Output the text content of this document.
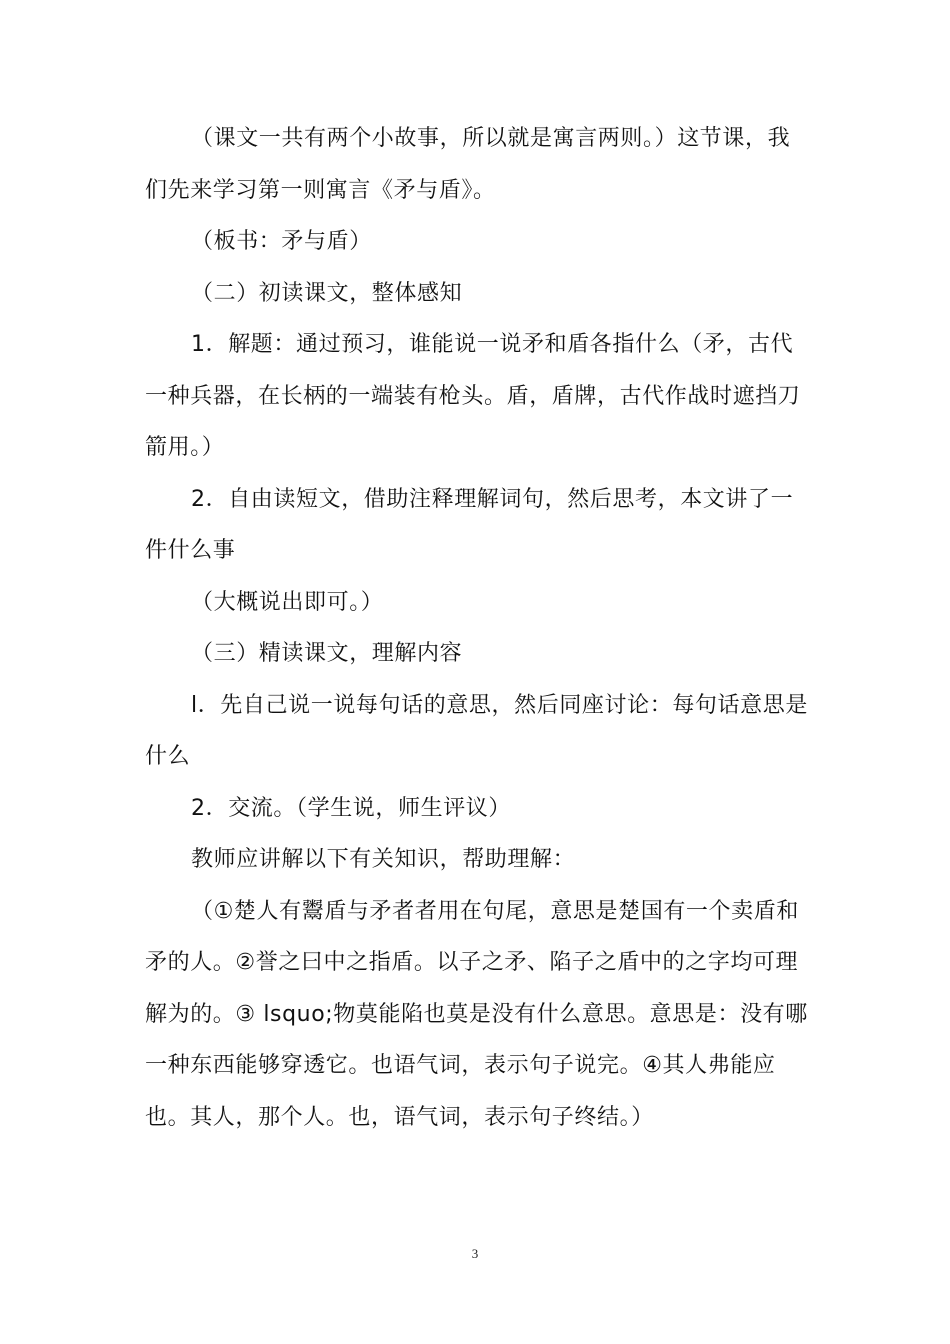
（课文一共有两个小故事，所以就是寓言两则。）这节课，我们先来学习第一则寓言《矛与盾》。

（板书：矛与盾）

（二）初读课文，整体感知

1．解题：通过预习，谁能说一说矛和盾各指什么（矛，古代一种兵器，在长柄的一端装有枪头。盾，盾牌，古代作战时遮挡刀箭用。）

2．自由读短文，借助注释理解词句，然后思考，本文讲了一件什么事

（大概说出即可。）

（三）精读课文，理解内容

l．先自己说一说每句话的意思，然后同座讨论：每句话意思是什么

2．交流。（学生说，师生评议）

教师应讲解以下有关知识，帮助理解：

（①楚人有鬻盾与矛者者用在句尾，意思是楚国有一个卖盾和矛的人。②誉之曰中之指盾。以子之矛、陷子之盾中的之字均可理解为的。③ lsquo;物莫能陷也莫是没有什么意思。意思是：没有哪一种东西能够穿透它。也语气词，表示句子说完。④其人弗能应也。其人，那个人。也，语气词，表示句子终结。）

3
